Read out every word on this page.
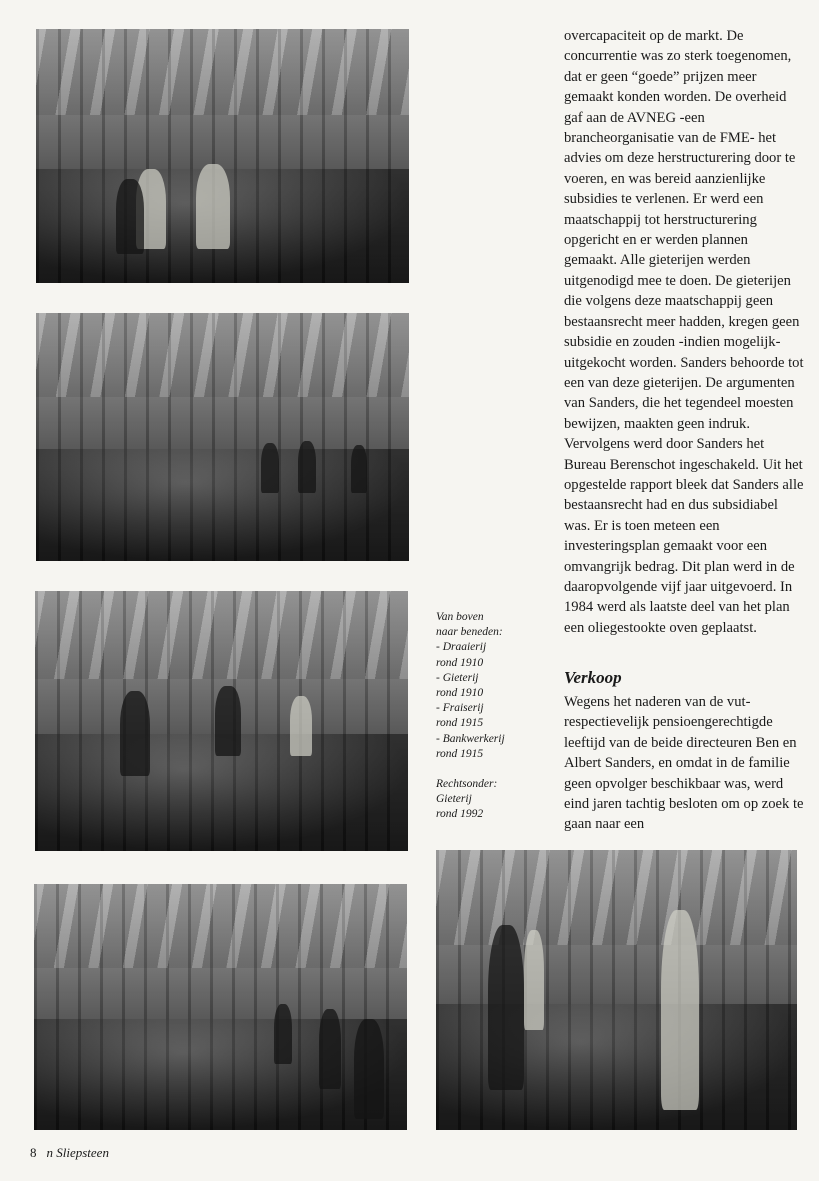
overcapaciteit op de markt. De concurrentie was zo sterk toegenomen, dat er geen “goede” prijzen meer gemaakt konden worden. De overheid gaf aan de AVNEG -een brancheorganisatie van de FME- het advies om deze herstructurering door te voeren, en was bereid aanzienlijke subsidies te verlenen. Er werd een maatschappij tot herstructurering opgericht en er werden plannen gemaakt. Alle gieterijen werden uitgenodigd mee te doen. De gieterijen die volgens deze maatschappij geen bestaansrecht meer hadden, kregen geen subsidie en zouden -indien mogelijk- uitgekocht worden. Sanders behoorde tot een van deze gieterijen. De argumenten van Sanders, die het tegendeel moesten bewijzen, maakten geen indruk. Vervolgens werd door Sanders het Bureau Berenschot ingeschakeld. Uit het opgestelde rapport bleek dat Sanders alle bestaansrecht had en dus subsidiabel was. Er is toen meteen een investeringsplan gemaakt voor een omvangrijk bedrag. Dit plan werd in de daaropvolgende vijf jaar uitgevoerd. In 1984 werd als laatste deel van het plan een oliegestookte oven geplaatst.

Verkoop

Wegens het naderen van de vut- respectievelijk pensioengerechtigde leeftijd van de beide directeuren Ben en Albert Sanders, en omdat in de familie geen opvolger beschikbaar was, werd eind jaren tachtig besloten om op zoek te gaan naar een

Van boven
naar beneden:
- Draaierij
rond 1910
- Gieterij
rond 1910
- Fraiserij
rond 1915
- Bankwerkerij
rond 1915

Rechtsonder:
Gieterij
rond 1992

8 n Sliepsteen
